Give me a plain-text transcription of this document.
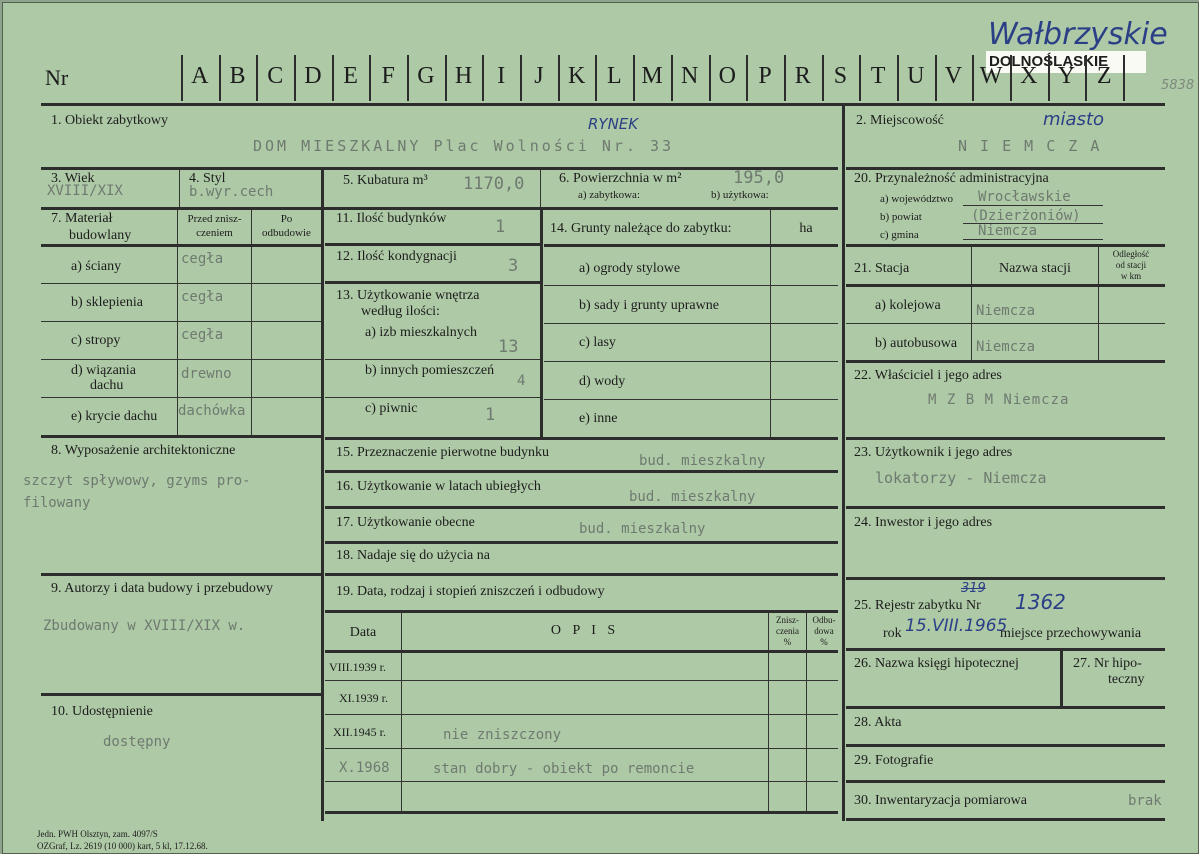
Nr
DOLNOŚLĄSKIE
Wałbrzyskie
5838
A B C D E F G H	I	J	K L M N O P R S T U V W X Y Z
1. Obiekt zabytkowy
DOM MIESZKALNY Plac Wolności Nr. 33
RYNEK	2. Miejscowość	miasto
N I E M C Z A
3. Wiek
XVIII/XIX
4. Styl
b.wyr.cech
5. Kubatura m³ 1170,0 6. Powierzchnia w m²	195,0
a) zabytkowa:	b) użytkowa:
20. Przynależność administracyjna
a) województwo Wrocławskie
b) powiat	(Dzierżoniów)
c) gmina	Niemcza
7. Materiał
budowlany
Przed znisz-
czeniem
Po
odbudowie
a) ściany	cegła
b) sklepienia	cegła
c) stropy	cegła
d) wiązania
dachu
drewno
e) krycie dachu dachówka
8. Wyposażenie architektoniczne
szczyt spływowy, gzyms pro-
filowany
9. Autorzy i data budowy i przebudowy
Zbudowany w XVIII/XIX w.
10. Udostępnienie
dostępny
11. Ilość budynków	1
12. Ilość kondygnacji	3
13. Użytkowanie wnętrza
według ilości:
a) izb mieszkalnych
13
b) innych pomieszczeń
4
c) piwnic	1
14. Grunty należące do zabytku:	ha
a) ogrody stylowe
b) sady i grunty uprawne
c) lasy
d) wody
e) inne
15. Przeznaczenie pierwotne budynku
bud. mieszkalny
16. Użytkowanie w latach ubiegłych
bud. mieszkalny
17. Użytkowanie obecne	bud. mieszkalny
18. Nadaje się do użycia na
19. Data, rodzaj i stopień zniszczeń i odbudowy
Data	O P I S
Znisz-
czenia
%
Odbu-
dowa
%
VIII.1939 r.
XI.1939 r.
XII.1945 r.	nie zniszczony
X.1968	stan dobry - obiekt po remoncie
21. Stacja	Nazwa stacji
Odległość
od stacji
w km
a) kolejowa	Niemcza
b) autobusowa Niemcza
22. Właściciel i jego adres
M Z B M Niemcza
23. Użytkownik i jego adres
lokatorzy - Niemcza
24. Inwestor i jego adres
25. Rejestr zabytku Nr
319
1362
rok 15.VIII.1965
miejsce przechowywania
26. Nazwa księgi hipotecznej	27. Nr hipo-
teczny
28. Akta
29. Fotografie
30. Inwentaryzacja pomiarowa	brak
Jedn. PWH Olsztyn, zam. 4097/S
OZGraf, Lz. 2619 (10 000) kart, 5 kl, 17.12.68.
